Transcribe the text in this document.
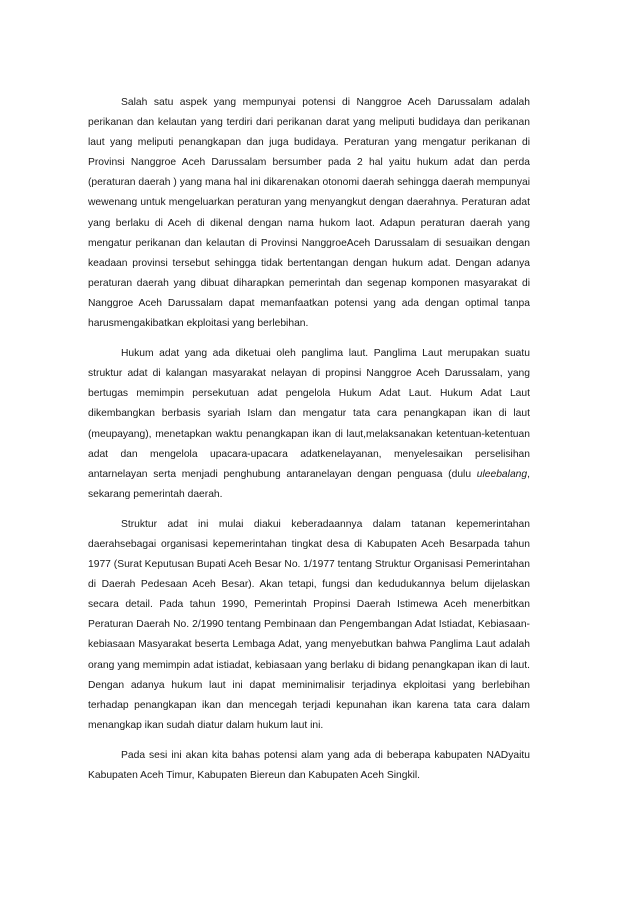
Salah satu aspek yang mempunyai potensi di Nanggroe Aceh Darussalam adalah perikanan dan kelautan yang terdiri dari perikanan darat yang meliputi budidaya dan perikanan laut yang meliputi penangkapan dan juga budidaya. Peraturan yang mengatur perikanan di Provinsi Nanggroe Aceh Darussalam bersumber pada 2 hal yaitu hukum adat dan perda (peraturan daerah ) yang mana hal ini dikarenakan otonomi daerah sehingga daerah mempunyai wewenang untuk mengeluarkan peraturan yang menyangkut dengan daerahnya. Peraturan adat yang berlaku di Aceh di dikenal dengan nama hukom laot. Adapun peraturan daerah yang mengatur perikanan dan kelautan di Provinsi NanggroeAceh Darussalam di sesuaikan dengan keadaan provinsi tersebut sehingga tidak bertentangan dengan hukum adat. Dengan adanya peraturan daerah yang dibuat diharapkan pemerintah dan segenap komponen masyarakat di Nanggroe Aceh Darussalam dapat memanfaatkan potensi yang ada dengan optimal tanpa harusmengakibatkan ekploitasi yang berlebihan.

Hukum adat yang ada diketuai oleh panglima laut. Panglima Laut merupakan suatu struktur adat di kalangan masyarakat nelayan di propinsi Nanggroe Aceh Darussalam, yang bertugas memimpin persekutuan adat pengelola Hukum Adat Laut. Hukum Adat Laut dikembangkan berbasis syariah Islam dan mengatur tata cara penangkapan ikan di laut (meupayang), menetapkan waktu penangkapan ikan di laut,melaksanakan ketentuan-ketentuan adat dan mengelola upacara-upacara adatkenelayanan, menyelesaikan perselisihan antarnelayan serta menjadi penghubung antaranelayan dengan penguasa (dulu uleebalang, sekarang pemerintah daerah.

Struktur adat ini mulai diakui keberadaannya dalam tatanan kepemerintahan daerahsebagai organisasi kepemerintahan tingkat desa di Kabupaten Aceh Besarpada tahun 1977 (Surat Keputusan Bupati Aceh Besar No. 1/1977 tentang Struktur Organisasi Pemerintahan di Daerah Pedesaan Aceh Besar). Akan tetapi, fungsi dan kedudukannya belum dijelaskan secara detail. Pada tahun 1990, Pemerintah Propinsi Daerah Istimewa Aceh menerbitkan Peraturan Daerah No. 2/1990 tentang Pembinaan dan Pengembangan Adat Istiadat, Kebiasaan-kebiasaan Masyarakat beserta Lembaga Adat, yang menyebutkan bahwa Panglima Laut adalah orang yang memimpin adat istiadat, kebiasaan yang berlaku di bidang penangkapan ikan di laut. Dengan adanya hukum laut ini dapat meminimalisir terjadinya ekploitasi yang berlebihan terhadap penangkapan ikan dan mencegah terjadi kepunahan ikan karena tata cara dalam menangkap ikan sudah diatur dalam hukum laut ini.

Pada sesi ini akan kita bahas potensi alam yang ada di beberapa kabupaten NADyaitu Kabupaten Aceh Timur, Kabupaten Biereun dan Kabupaten Aceh Singkil.
